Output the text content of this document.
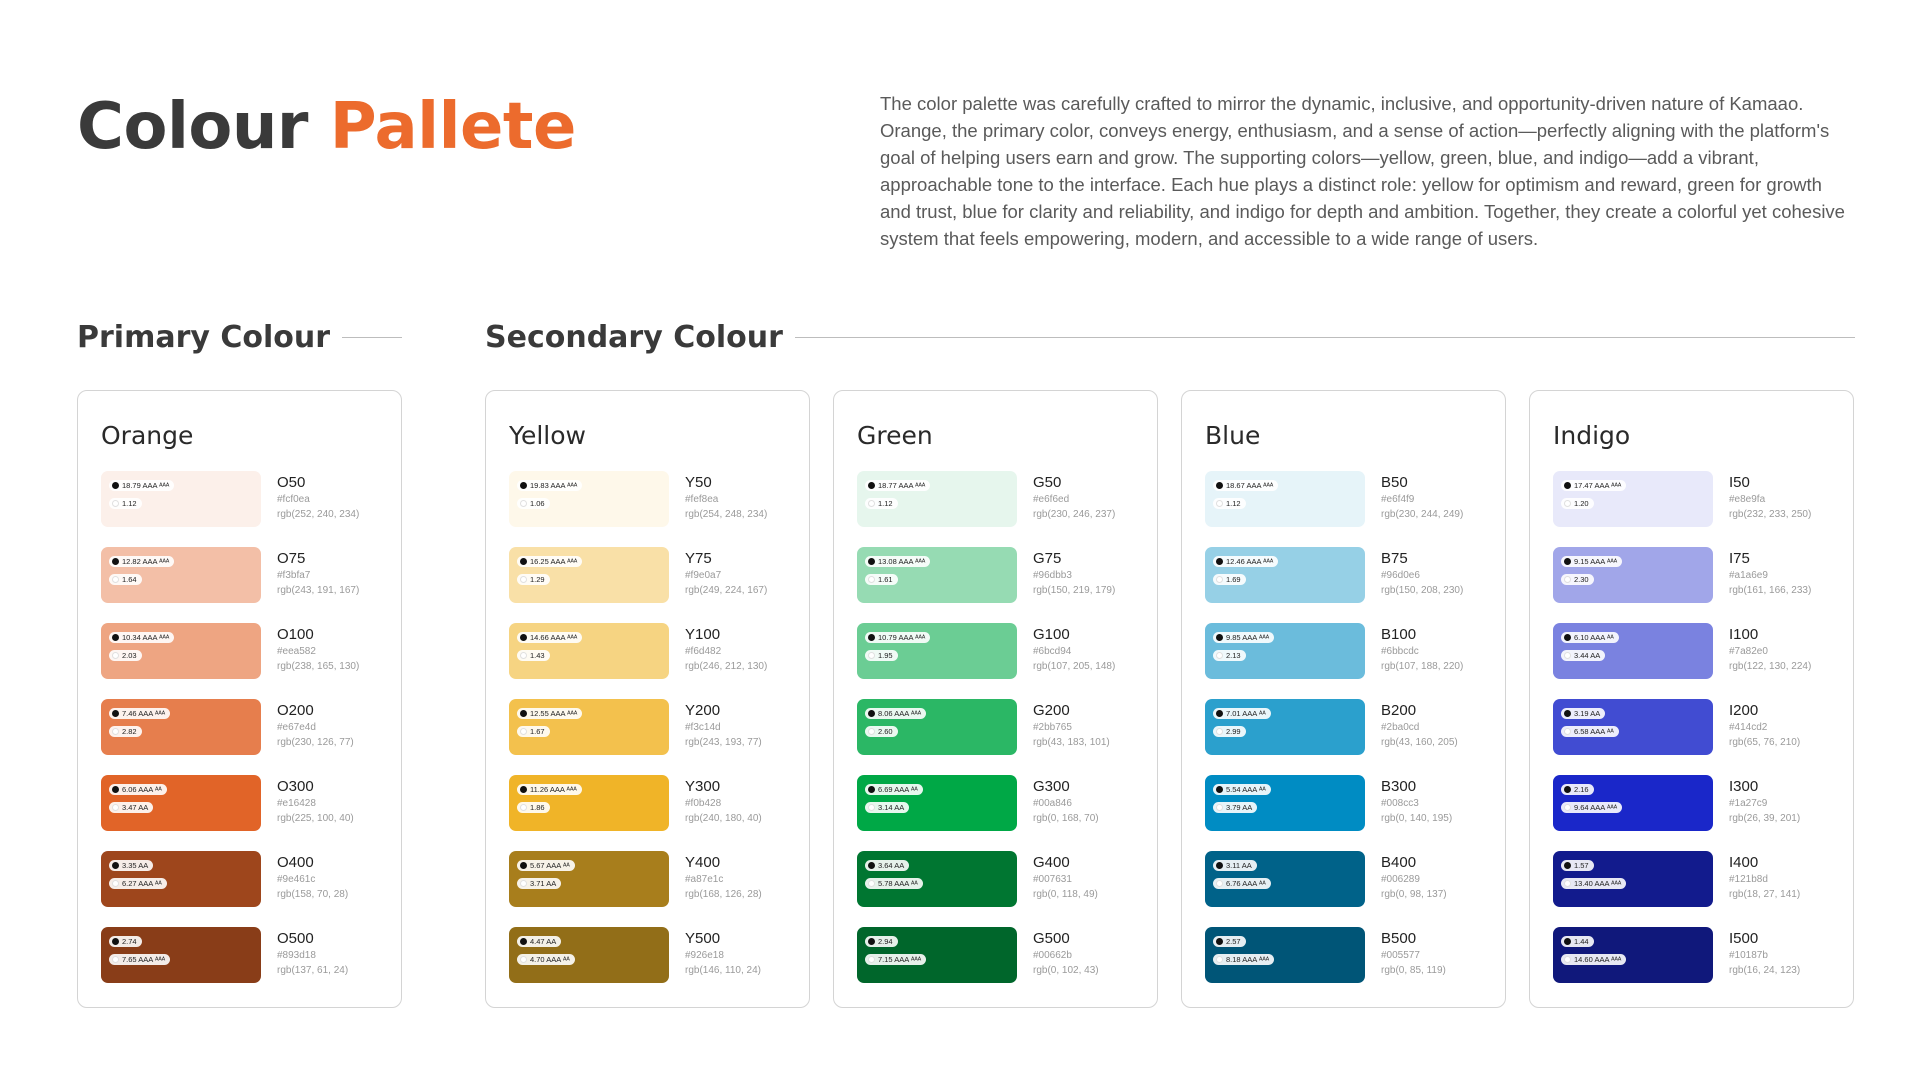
Colour Pallete	The color palette was carefully crafted to mirror the dynamic, inclusive, and opportunity-driven nature of Kamaao. Orange, the primary color, conveys energy, enthusiasm, and a sense of action—perfectly aligning with the platform's goal of helping users earn and grow. The supporting colors—yellow, green, blue, and indigo—add a vibrant, approachable tone to the interface. Each hue plays a distinct role: yellow for optimism and reward, green for growth and trust, blue for clarity and reliability, and indigo for depth and ambition. Together, they create a colorful yet cohesive system that feels empowering, modern, and accessible to a wide range of users.

Primary Colour	Secondary Colour
Orange
18.79 AAA ᴬᴬᴬ
1.12
O50
#fcf0ea
rgb(252, 240, 234)
12.82 AAA ᴬᴬᴬ
1.64
O75
#f3bfa7
rgb(243, 191, 167)
10.34 AAA ᴬᴬᴬ
2.03
O100
#eea582
rgb(238, 165, 130)
7.46 AAA ᴬᴬᴬ
2.82
O200
#e67e4d
rgb(230, 126, 77)
6.06 AAA ᴬᴬ
3.47 AA
O300
#e16428
rgb(225, 100, 40)
3.35 AA
6.27 AAA ᴬᴬ
O400
#9e461c
rgb(158, 70, 28)
2.74
7.65 AAA ᴬᴬᴬ
O500
#893d18
rgb(137, 61, 24)
Yellow
19.83 AAA ᴬᴬᴬ
1.06
Y50
#fef8ea
rgb(254, 248, 234)
16.25 AAA ᴬᴬᴬ
1.29
Y75
#f9e0a7
rgb(249, 224, 167)
14.66 AAA ᴬᴬᴬ
1.43
Y100
#f6d482
rgb(246, 212, 130)
12.55 AAA ᴬᴬᴬ
1.67
Y200
#f3c14d
rgb(243, 193, 77)
11.26 AAA ᴬᴬᴬ
1.86
Y300
#f0b428
rgb(240, 180, 40)
5.67 AAA ᴬᴬ
3.71 AA
Y400
#a87e1c
rgb(168, 126, 28)
4.47 AA
4.70 AAA ᴬᴬ
Y500
#926e18
rgb(146, 110, 24)
Green
18.77 AAA ᴬᴬᴬ
1.12
G50
#e6f6ed
rgb(230, 246, 237)
13.08 AAA ᴬᴬᴬ
1.61
G75
#96dbb3
rgb(150, 219, 179)
10.79 AAA ᴬᴬᴬ
1.95
G100
#6bcd94
rgb(107, 205, 148)
8.06 AAA ᴬᴬᴬ
2.60
G200
#2bb765
rgb(43, 183, 101)
6.69 AAA ᴬᴬ
3.14 AA
G300
#00a846
rgb(0, 168, 70)
3.64 AA
5.78 AAA ᴬᴬ
G400
#007631
rgb(0, 118, 49)
2.94
7.15 AAA ᴬᴬᴬ
G500
#00662b
rgb(0, 102, 43)
Blue
18.67 AAA ᴬᴬᴬ
1.12
B50
#e6f4f9
rgb(230, 244, 249)
12.46 AAA ᴬᴬᴬ
1.69
B75
#96d0e6
rgb(150, 208, 230)
9.85 AAA ᴬᴬᴬ
2.13
B100
#6bbcdc
rgb(107, 188, 220)
7.01 AAA ᴬᴬ
2.99
B200
#2ba0cd
rgb(43, 160, 205)
5.54 AAA ᴬᴬ
3.79 AA
B300
#008cc3
rgb(0, 140, 195)
3.11 AA
6.76 AAA ᴬᴬ
B400
#006289
rgb(0, 98, 137)
2.57
8.18 AAA ᴬᴬᴬ
B500
#005577
rgb(0, 85, 119)
Indigo
17.47 AAA ᴬᴬᴬ
1.20
I50
#e8e9fa
rgb(232, 233, 250)
9.15 AAA ᴬᴬᴬ
2.30
I75
#a1a6e9
rgb(161, 166, 233)
6.10 AAA ᴬᴬ
3.44 AA
I100
#7a82e0
rgb(122, 130, 224)
3.19 AA
6.58 AAA ᴬᴬ
I200
#414cd2
rgb(65, 76, 210)
2.16
9.64 AAA ᴬᴬᴬ
I300
#1a27c9
rgb(26, 39, 201)
1.57
13.40 AAA ᴬᴬᴬ
I400
#121b8d
rgb(18, 27, 141)
1.44
14.60 AAA ᴬᴬᴬ
I500
#10187b
rgb(16, 24, 123)
